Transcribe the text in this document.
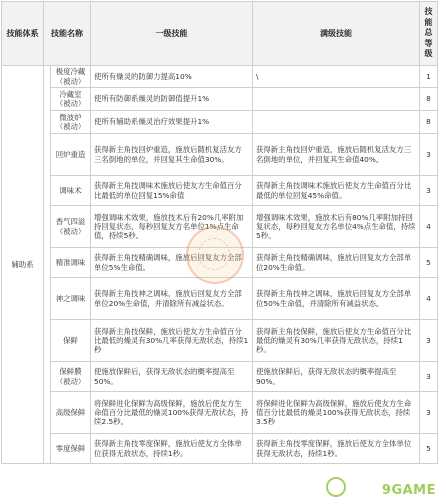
技能体系	技能名称		一级技能	满级技能	技
能
总
等
级
辅助系		极度冷藏（被动）	使所有燥灵的防御力提高10%	\	1
		冷藏室（被动）	使所有防御系燥灵的防御值提升1%		8
		微波炉（被动）	使所有辅助系燥灵治疗效果提升1%		8
		回炉重造	获得新主角技回炉重造，施放后随机复活友方三名倒地的单位，并回复其生命值30%。	获得新主角技回炉重造，施放后随机复活友方三名倒地的单位，并回复其生命值40%。	3
		调味术	获得新主角技调味术施放后使友方生命值百分比最低的单位回复15%命值	获得新主角技调味术施放后使友方生命值百分比最低的单位回复45%命值。	3
		香气四溢（被动）	增强调味术效果，施放技术后有20%几率附加持回复状态，每秒回复友方名单位1%点生命值，持续5秒。	增强调味术效果，施放术后有80%几率附加持回复状态，每秒回复友方名单位4%点生命值，持续5秒。	4
		精准调味	获得新主角技精确调味，施放后回复友方全部单位5%生命值。	获得新主角技精确调味，施放后回复友方全部单位20%生命值。	5
		神之调味	获得新主角技神之调味，施放后回复友方全部单位20%生命值，并清除所有减益状态。	获得新主角技神之调味，施放后回复友方全部单位50%生命值，并清除所有减益状态。	4
		保鲜	获得新主角技保鲜，施放后使友方生命值百分比最低的燥灵有30%几率获得无敌状态，持续1秒	获得新主角技保鲜，施放后使友方生命值百分比最低的燥灵有30%几率获得无敌状态，持续1秒。	3
		保鲜膜（被动）	使施放保鲜后，获得无敌状态的概率提高至50%。	使施放保鲜后，获得无敌状态的概率提高至90%。	3
		高级保鲜	将保鲜进化保鲜为高级保鲜，施放后使友方生命值百分比最低的燥灵100%获得无敌状态，持续2.5秒。	将保鲜进化保鲜为高级保鲜，施放后使友方生命值百分比最低的燥灵100%获得无敌状态，持续3.5秒	3
		零度保鲜	获得新主角技零度保鲜，施放后使友方全体单位获得无敌状态，持续1秒。	获得新主角技零度保鲜，施放后使友方全体单位获得无敌状态，持续1秒。	5
9GAME
